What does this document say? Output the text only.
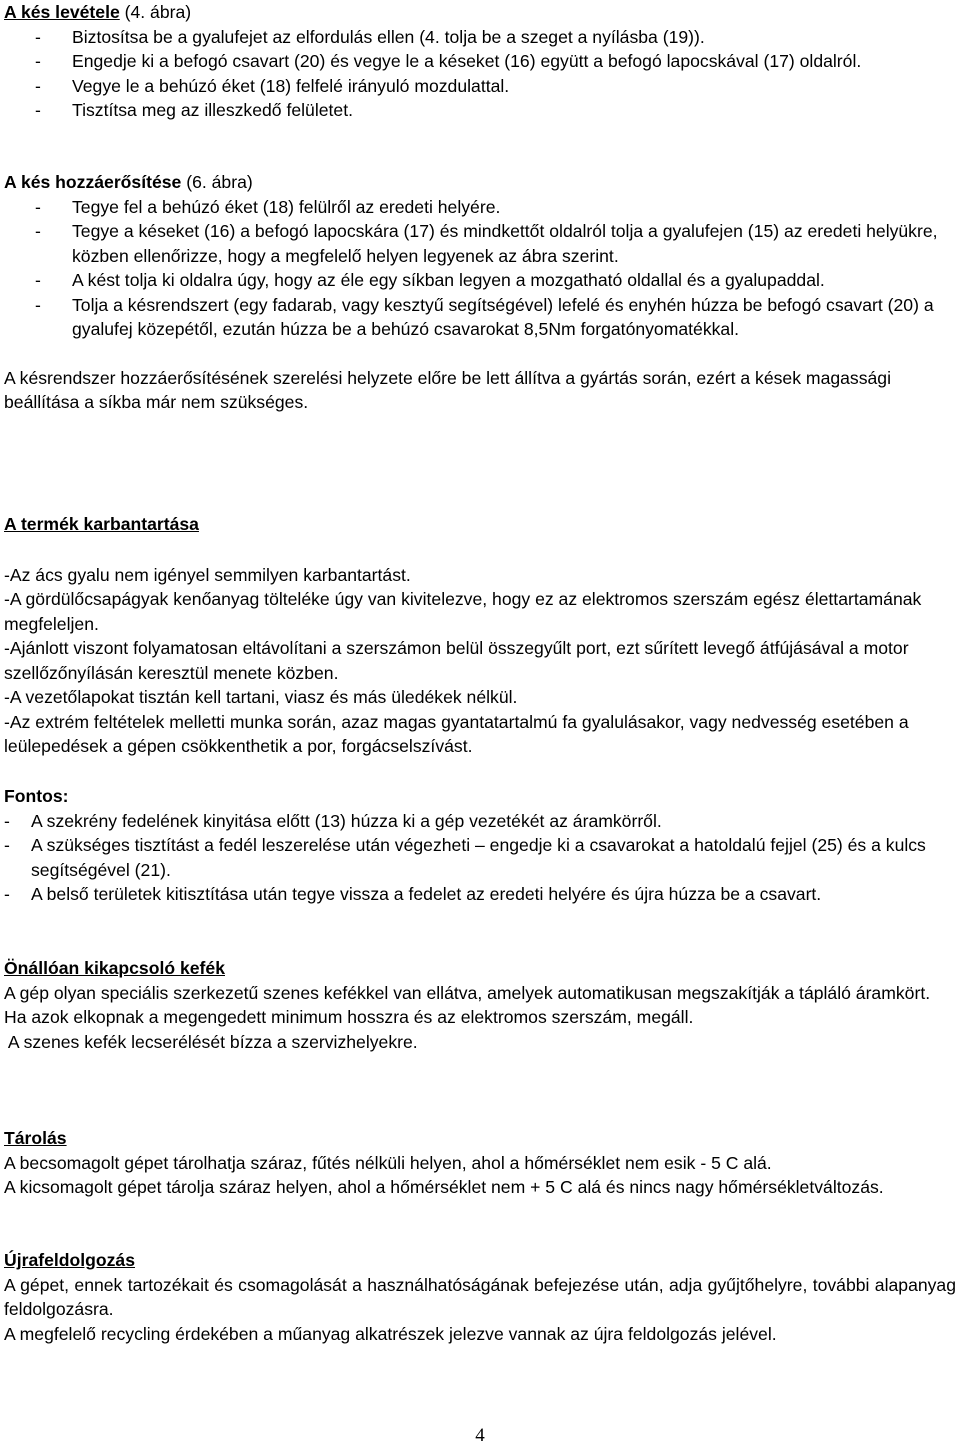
A kés levétele (4. ábra)
- Biztosítsa be a gyalufejet az elfordulás ellen (4. tolja be a szeget a nyílásba (19)).
- Engedje ki a befogó csavart (20) és vegye le a késeket (16) együtt a befogó lapocskával (17) oldalról.
- Vegye le a behúzó éket (18) felfelé irányuló mozdulattal.
- Tisztítsa meg az illeszkedő felületet.
A kés hozzáerősítése (6. ábra)
- Tegye fel a behúzó éket (18) felülről az eredeti helyére.
- Tegye a késeket (16) a befogó lapocskára (17) és mindkettőt oldalról tolja a gyalufejen (15) az eredeti helyükre, közben ellenőrizze, hogy a megfelelő helyen legyenek az ábra szerint.
- A kést tolja ki oldalra úgy, hogy az éle egy síkban legyen a mozgatható oldallal és a gyalupaddal.
- Tolja a késrendszert (egy fadarab, vagy kesztyű segítségével) lefelé és enyhén húzza be befogó csavart (20) a gyalufej közepétől, ezután húzza be a behúzó csavarokat 8,5Nm forgatónyomatékkal.

A késrendszer hozzáerősítésének szerelési helyzete előre be lett állítva a gyártás során, ezért a kések magassági beállítása a síkba már nem szükséges.

A termék karbantartása

-Az ács gyalu nem igényel semmilyen karbantartást.

-A gördülőcsapágyak kenőanyag tölteléke úgy van kivitelezve, hogy ez az elektromos szerszám egész élettartamának megfeleljen.

-Ajánlott viszont folyamatosan eltávolítani a szerszámon belül összegyűlt port, ezt sűrített levegő átfújásával a motor szellőzőnyílásán keresztül menete közben.

-A vezetőlapokat tisztán kell tartani, viasz és más üledékek nélkül.

-Az extrém feltételek melletti munka során, azaz magas gyantatartalmú fa gyalulásakor, vagy nedvesség esetében a leülepedések a gépen csökkenthetik a por, forgácselszívást.

Fontos:
- A szekrény fedelének kinyitása előtt (13) húzza ki a gép vezetékét az áramkörről.
- A szükséges tisztítást a fedél leszerelése után végezheti – engedje ki a csavarokat a hatoldalú fejjel (25) és a kulcs segítségével (21).
- A belső területek kitisztítása után tegye vissza a fedelet az eredeti helyére és újra húzza be a csavart.
Önállóan kikapcsoló kefék

A gép olyan speciális szerkezetű szenes kefékkel van ellátva, amelyek automatikusan megszakítják a tápláló áramkört. Ha azok elkopnak a megengedett minimum hosszra és az elektromos szerszám, megáll.

A szenes kefék lecserélését bízza a szervizhelyekre.

Tárolás

A becsomagolt gépet tárolhatja száraz, fűtés nélküli helyen, ahol a hőmérséklet nem esik - 5 C alá.

A kicsomagolt gépet tárolja száraz helyen, ahol a hőmérséklet nem + 5 C alá és nincs nagy hőmérsékletváltozás.

Újrafeldolgozás

A gépet, ennek tartozékait és csomagolását a használhatóságának befejezése után, adja gyűjtőhelyre, további alapanyag feldolgozásra.

A megfelelő recycling érdekében a műanyag alkatrészek jelezve vannak az újra feldolgozás jelével.

4
